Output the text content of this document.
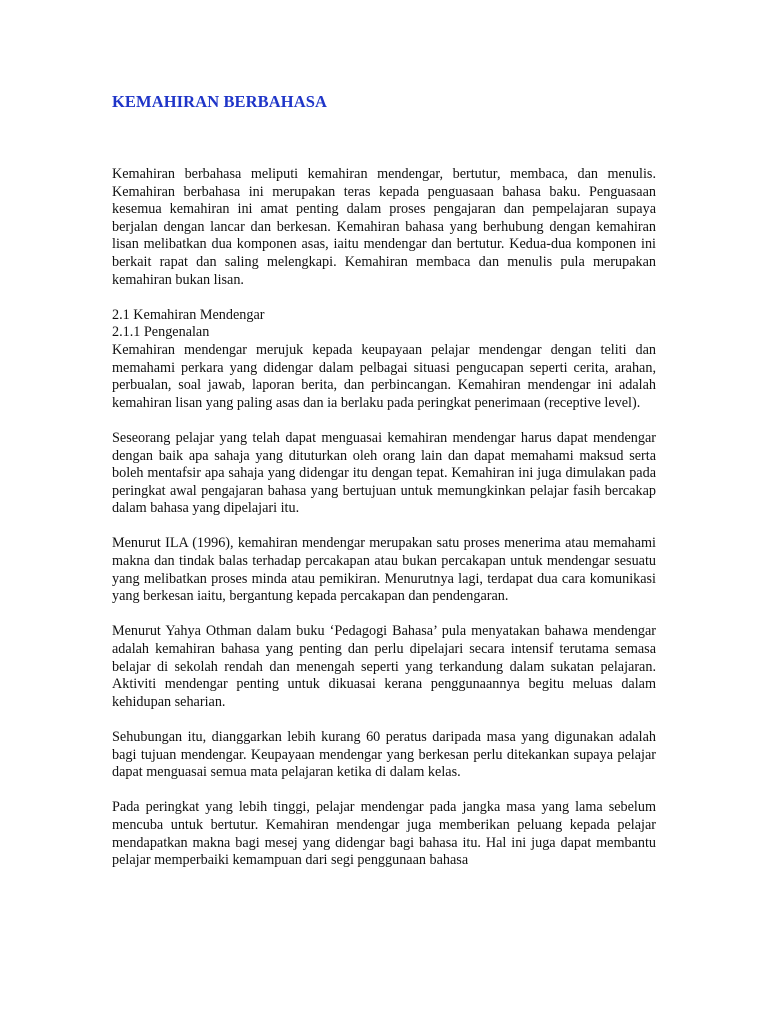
KEMAHIRAN BERBAHASA

Kemahiran berbahasa meliputi kemahiran mendengar, bertutur, membaca, dan menulis. Kemahiran berbahasa ini merupakan teras kepada penguasaan bahasa baku. Penguasaan kesemua kemahiran ini amat penting dalam proses pengajaran dan pempelajaran supaya berjalan dengan lancar dan berkesan. Kemahiran bahasa yang berhubung dengan kemahiran lisan melibatkan dua komponen asas, iaitu mendengar dan bertutur. Kedua-dua komponen ini berkait rapat dan saling melengkapi. Kemahiran membaca dan menulis pula merupakan kemahiran bukan lisan.

2.1 Kemahiran Mendengar

2.1.1 Pengenalan

Kemahiran mendengar merujuk kepada keupayaan pelajar mendengar dengan teliti dan memahami perkara yang didengar dalam pelbagai situasi pengucapan seperti cerita, arahan, perbualan, soal jawab, laporan berita, dan perbincangan. Kemahiran mendengar ini adalah kemahiran lisan yang paling asas dan ia berlaku pada peringkat penerimaan (receptive level).

Seseorang pelajar yang telah dapat menguasai kemahiran mendengar harus dapat mendengar dengan baik apa sahaja yang dituturkan oleh orang lain dan dapat memahami maksud serta boleh mentafsir apa sahaja yang didengar itu dengan tepat. Kemahiran ini juga dimulakan pada peringkat awal pengajaran bahasa yang bertujuan untuk memungkinkan pelajar fasih bercakap dalam bahasa yang dipelajari itu.

Menurut ILA (1996), kemahiran mendengar merupakan satu proses menerima atau memahami makna dan tindak balas terhadap percakapan atau bukan percakapan untuk mendengar sesuatu yang melibatkan proses minda atau pemikiran. Menurutnya lagi, terdapat dua cara komunikasi yang berkesan iaitu, bergantung kepada percakapan dan pendengaran.

Menurut Yahya Othman dalam buku ‘Pedagogi Bahasa’ pula menyatakan bahawa mendengar adalah kemahiran bahasa yang penting dan perlu dipelajari secara intensif terutama semasa belajar di sekolah rendah dan menengah seperti yang terkandung dalam sukatan pelajaran. Aktiviti mendengar penting untuk dikuasai kerana penggunaannya begitu meluas dalam kehidupan seharian.

Sehubungan itu, dianggarkan lebih kurang 60 peratus daripada masa yang digunakan adalah bagi tujuan mendengar. Keupayaan mendengar yang berkesan perlu ditekankan supaya pelajar dapat menguasai semua mata pelajaran ketika di dalam kelas.

Pada peringkat yang lebih tinggi, pelajar mendengar pada jangka masa yang lama sebelum mencuba untuk bertutur. Kemahiran mendengar juga memberikan peluang kepada pelajar mendapatkan makna bagi mesej yang didengar bagi bahasa itu. Hal ini juga dapat membantu pelajar memperbaiki kemampuan dari segi penggunaan bahasa
